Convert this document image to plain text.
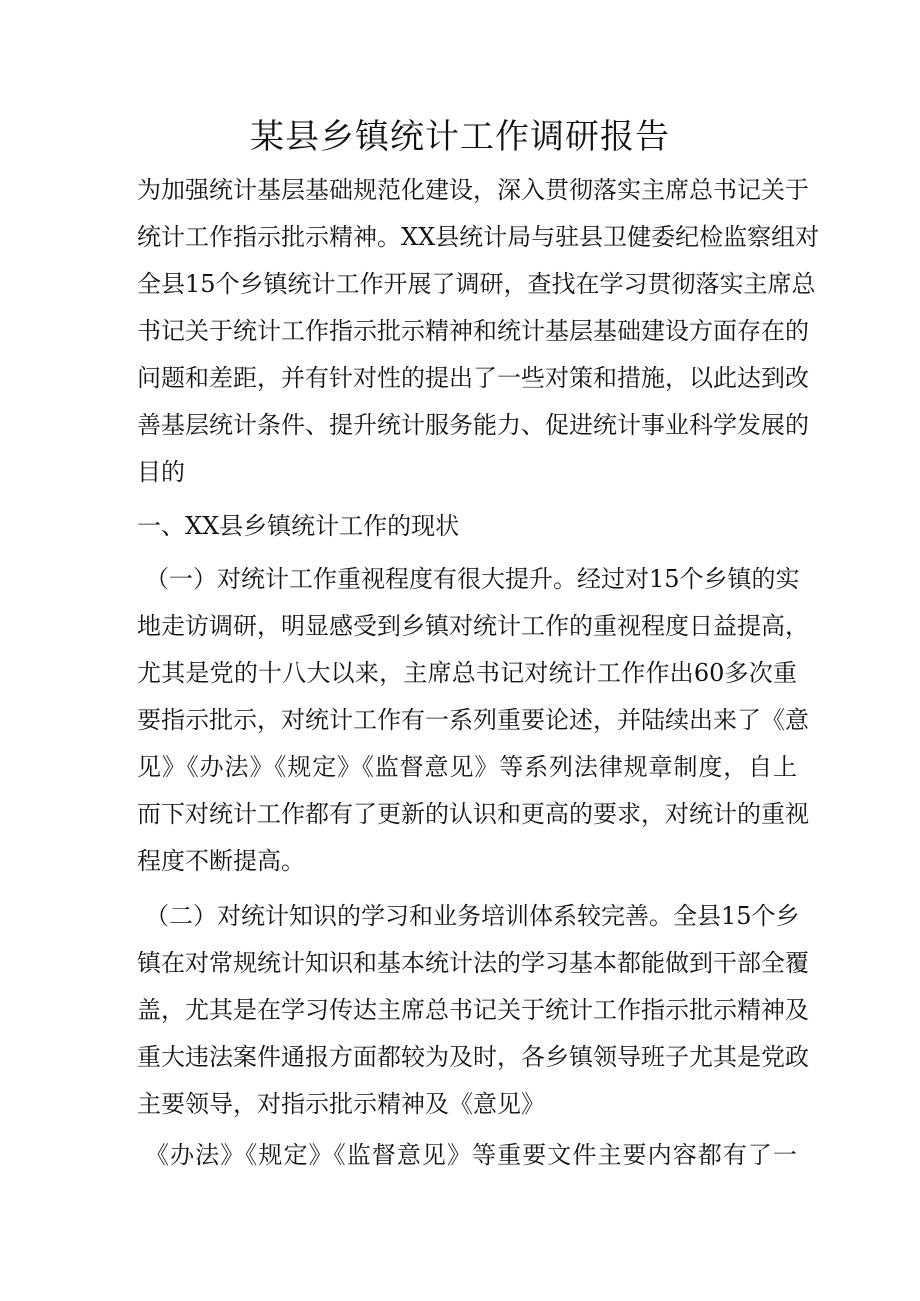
某县乡镇统计工作调研报告
为加强统计基层基础规范化建设，深入贯彻落实主席总书记关于
统计工作指示批示精神。XX县统计局与驻县卫健委纪检监察组对
全县15个乡镇统计工作开展了调研，查找在学习贯彻落实主席总
书记关于统计工作指示批示精神和统计基层基础建设方面存在的
问题和差距，并有针对性的提出了一些对策和措施，以此达到改
善基层统计条件、提升统计服务能力、促进统计事业科学发展的
目的
一、XX县乡镇统计工作的现状
（一）对统计工作重视程度有很大提升。经过对15个乡镇的实
地走访调研，明显感受到乡镇对统计工作的重视程度日益提高，
尤其是党的十八大以来，主席总书记对统计工作作出60多次重
要指示批示，对统计工作有一系列重要论述，并陆续出来了《意
见》《办法》《规定》《监督意见》等系列法律规章制度，自上
而下对统计工作都有了更新的认识和更高的要求，对统计的重视
程度不断提高。
（二）对统计知识的学习和业务培训体系较完善。全县15个乡
镇在对常规统计知识和基本统计法的学习基本都能做到干部全覆
盖，尤其是在学习传达主席总书记关于统计工作指示批示精神及
重大违法案件通报方面都较为及时，各乡镇领导班子尤其是党政
主要领导，对指示批示精神及《意见》
《办法》《规定》《监督意见》等重要文件主要内容都有了一
